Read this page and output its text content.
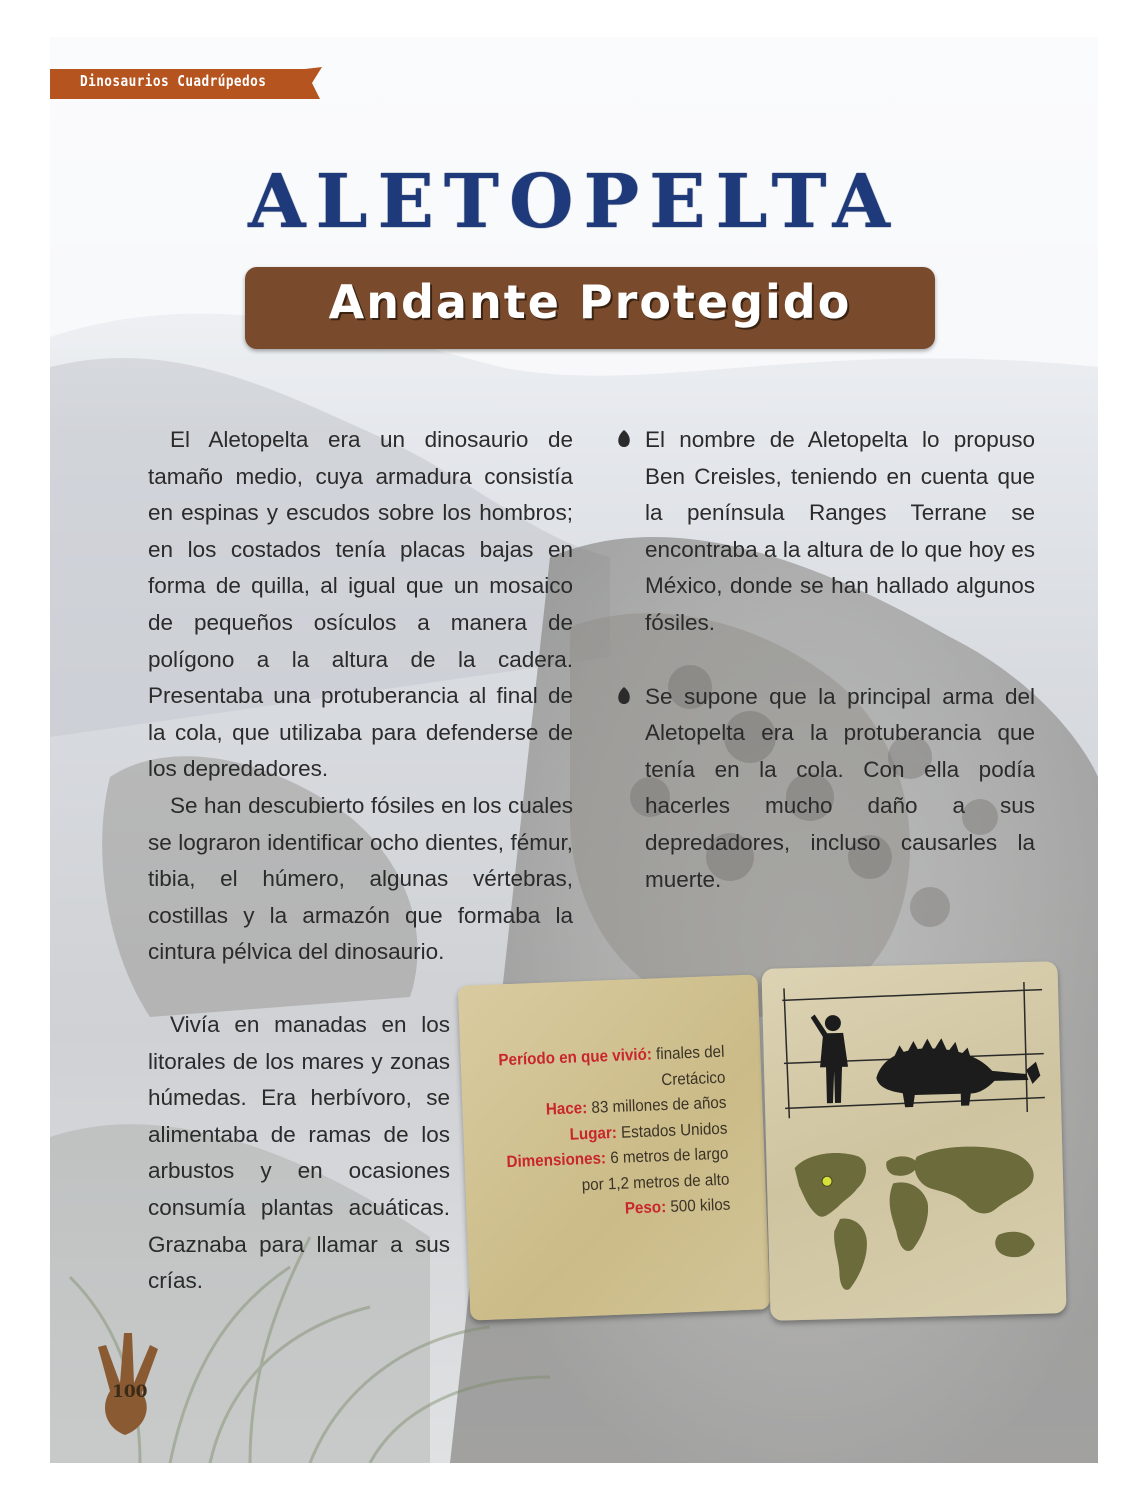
Dinosaurios Cuadrúpedos
ALETOPELTA
Andante Protegido

El Aletopelta era un dinosaurio de tamaño medio, cuya armadura consistía en espinas y escudos sobre los hombros; en los costados tenía placas bajas en forma de quilla, al igual que un mosaico de pequeños osículos a manera de polígono a la altura de la cadera. Presentaba una protuberancia al final de la cola, que utilizaba para defenderse de los depredadores.

Se han descubierto fósiles en los cuales se lograron identificar ocho dientes, fémur, tibia, el húmero, algunas vértebras, costillas y la armazón que formaba la cintura pélvica del dinosaurio.

Vivía en manadas en los litorales de los mares y zonas húmedas. Era herbívoro, se alimentaba de ramas de los arbustos y en ocasiones consumía plantas acuáticas. Graznaba para llamar a sus crías.

El nombre de Aletopelta lo propuso Ben Creisles, teniendo en cuenta que la península Ranges Terrane se encontraba a la altura de lo que hoy es México, donde se han hallado algunos fósiles.

Se supone que la principal arma del Aletopelta era la protuberancia que tenía en la cola. Con ella podía hacerles mucho daño a sus depredadores, incluso causarles la muerte.

Período en que vivió: finales del Cretácico
Hace: 83 millones de años
Lugar: Estados Unidos
Dimensiones: 6 metros de largo por 1,2 metros de alto
Peso: 500 kilos
100
